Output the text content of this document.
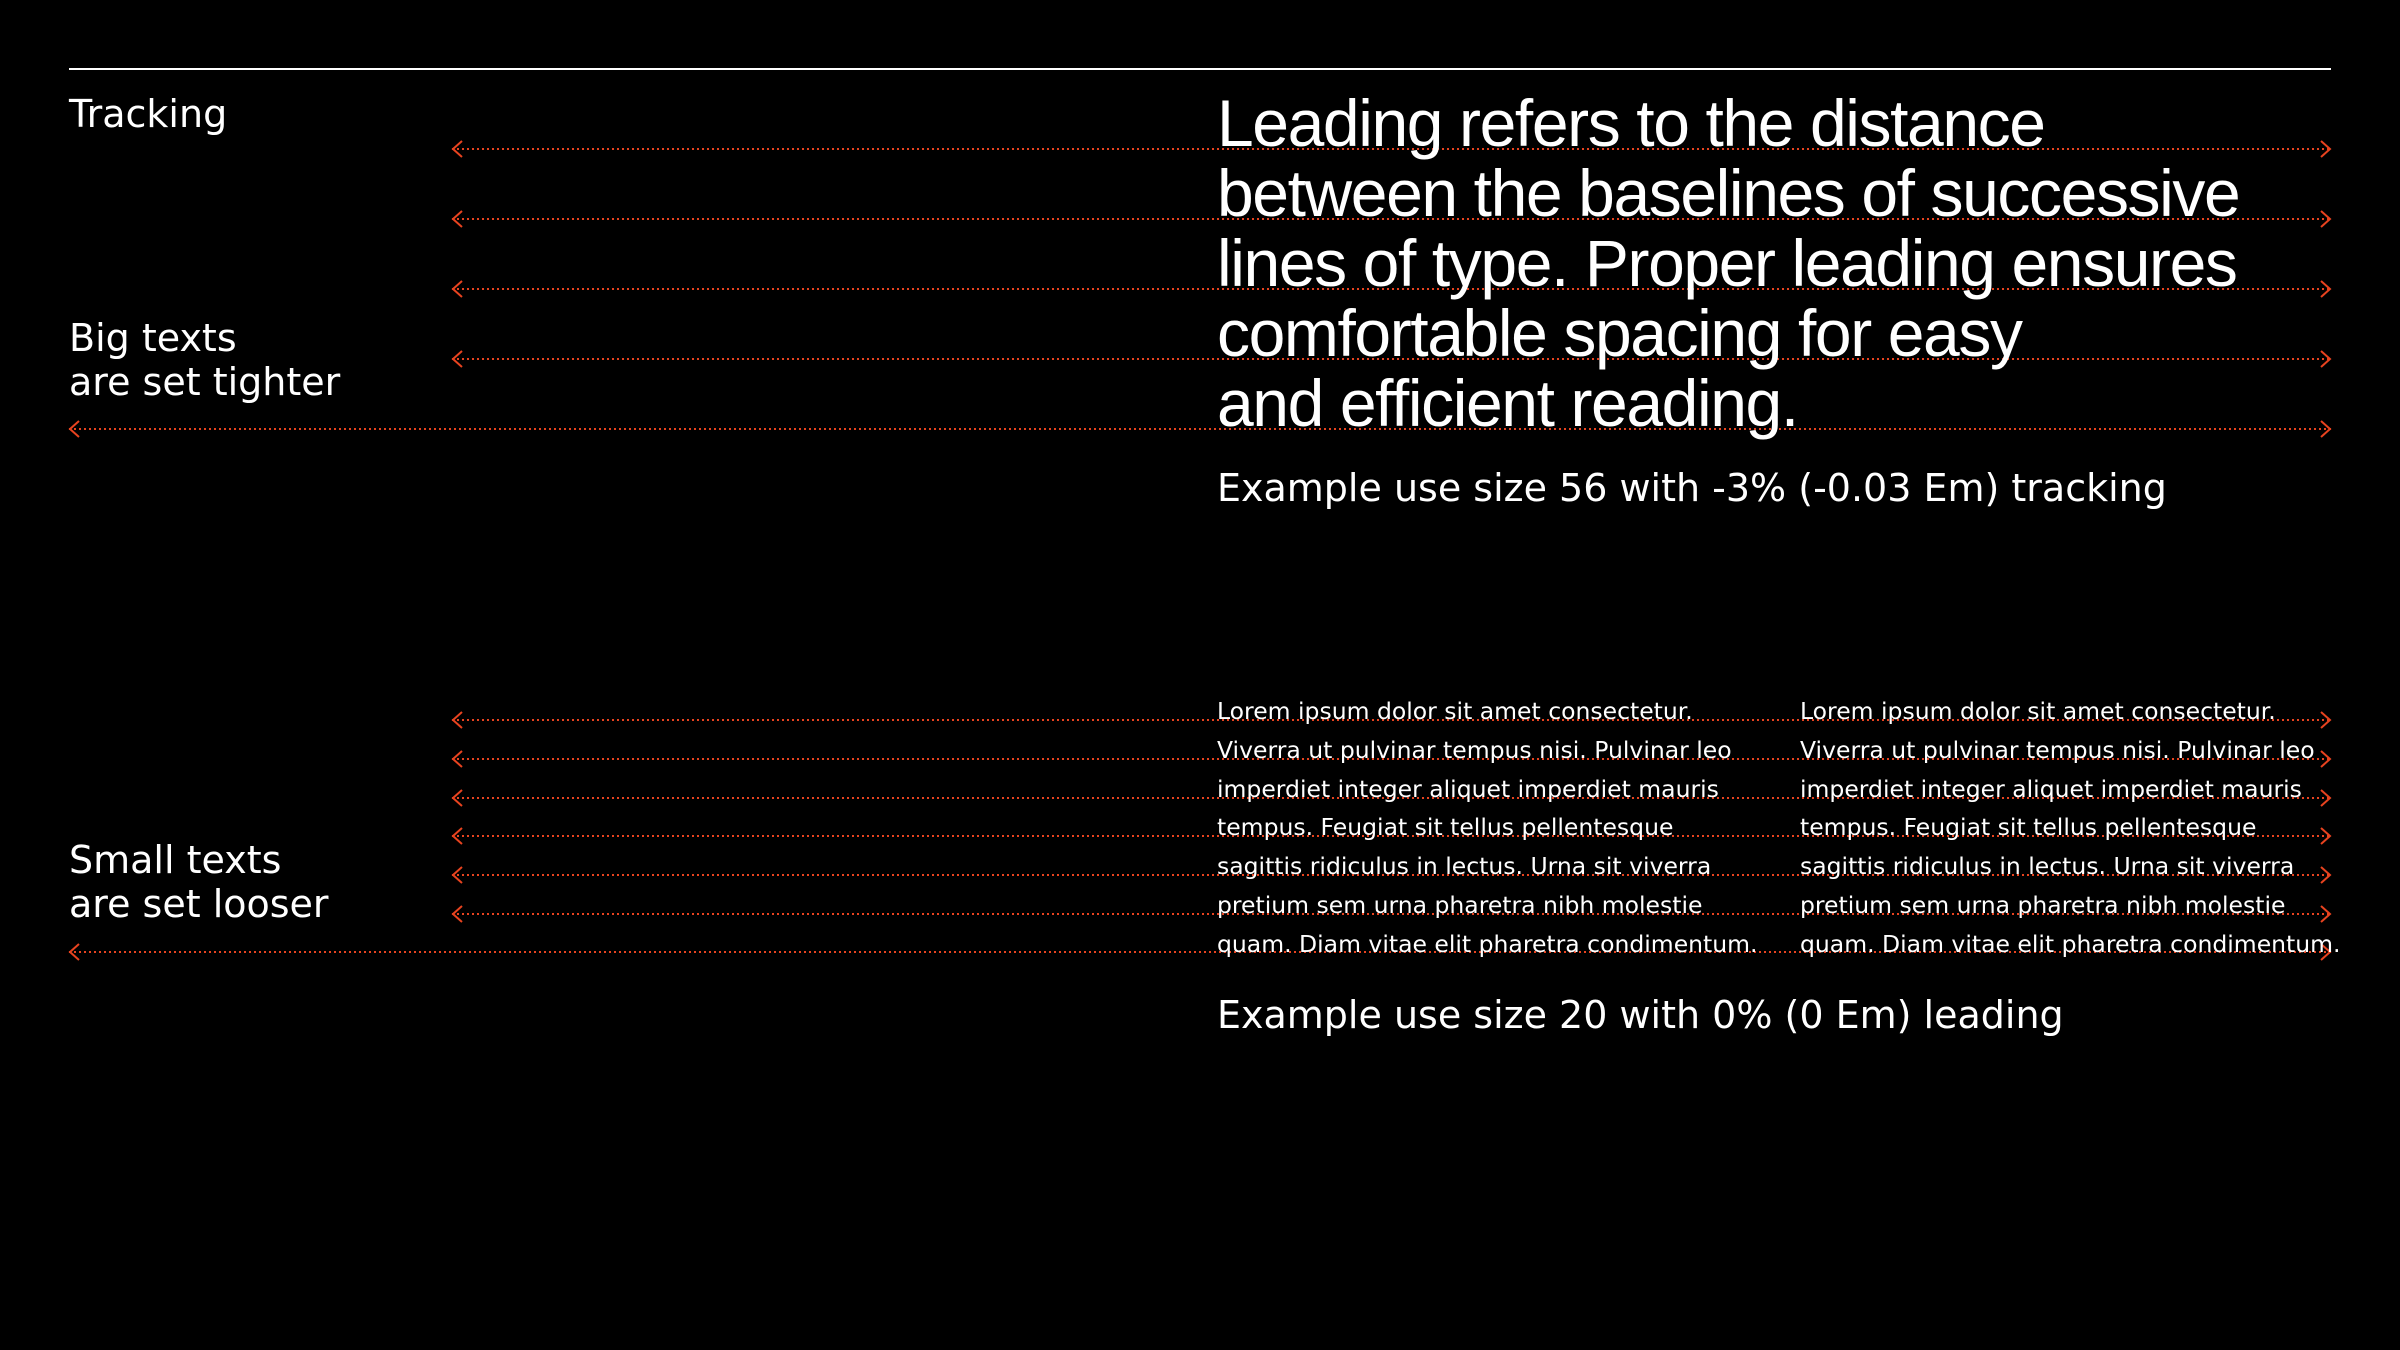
Tracking
Big texts
are set tighter
Small texts
are set looser
Leading refers to the distance
between the baselines of successive
lines of type. Proper leading ensures
comfortable spacing for easy
and efficient reading.
Example use size 56 with -3% (-0.03 Em) tracking
Lorem ipsum dolor sit amet consectetur.
Viverra ut pulvinar tempus nisi. Pulvinar leo
imperdiet integer aliquet imperdiet mauris
tempus. Feugiat sit tellus pellentesque
sagittis ridiculus in lectus. Urna sit viverra
pretium sem urna pharetra nibh molestie
quam. Diam vitae elit pharetra condimentum.
Lorem ipsum dolor sit amet consectetur.
Viverra ut pulvinar tempus nisi. Pulvinar leo
imperdiet integer aliquet imperdiet mauris
tempus. Feugiat sit tellus pellentesque
sagittis ridiculus in lectus. Urna sit viverra
pretium sem urna pharetra nibh molestie
quam. Diam vitae elit pharetra condimentum.
Example use size 20 with 0% (0 Em) leading
